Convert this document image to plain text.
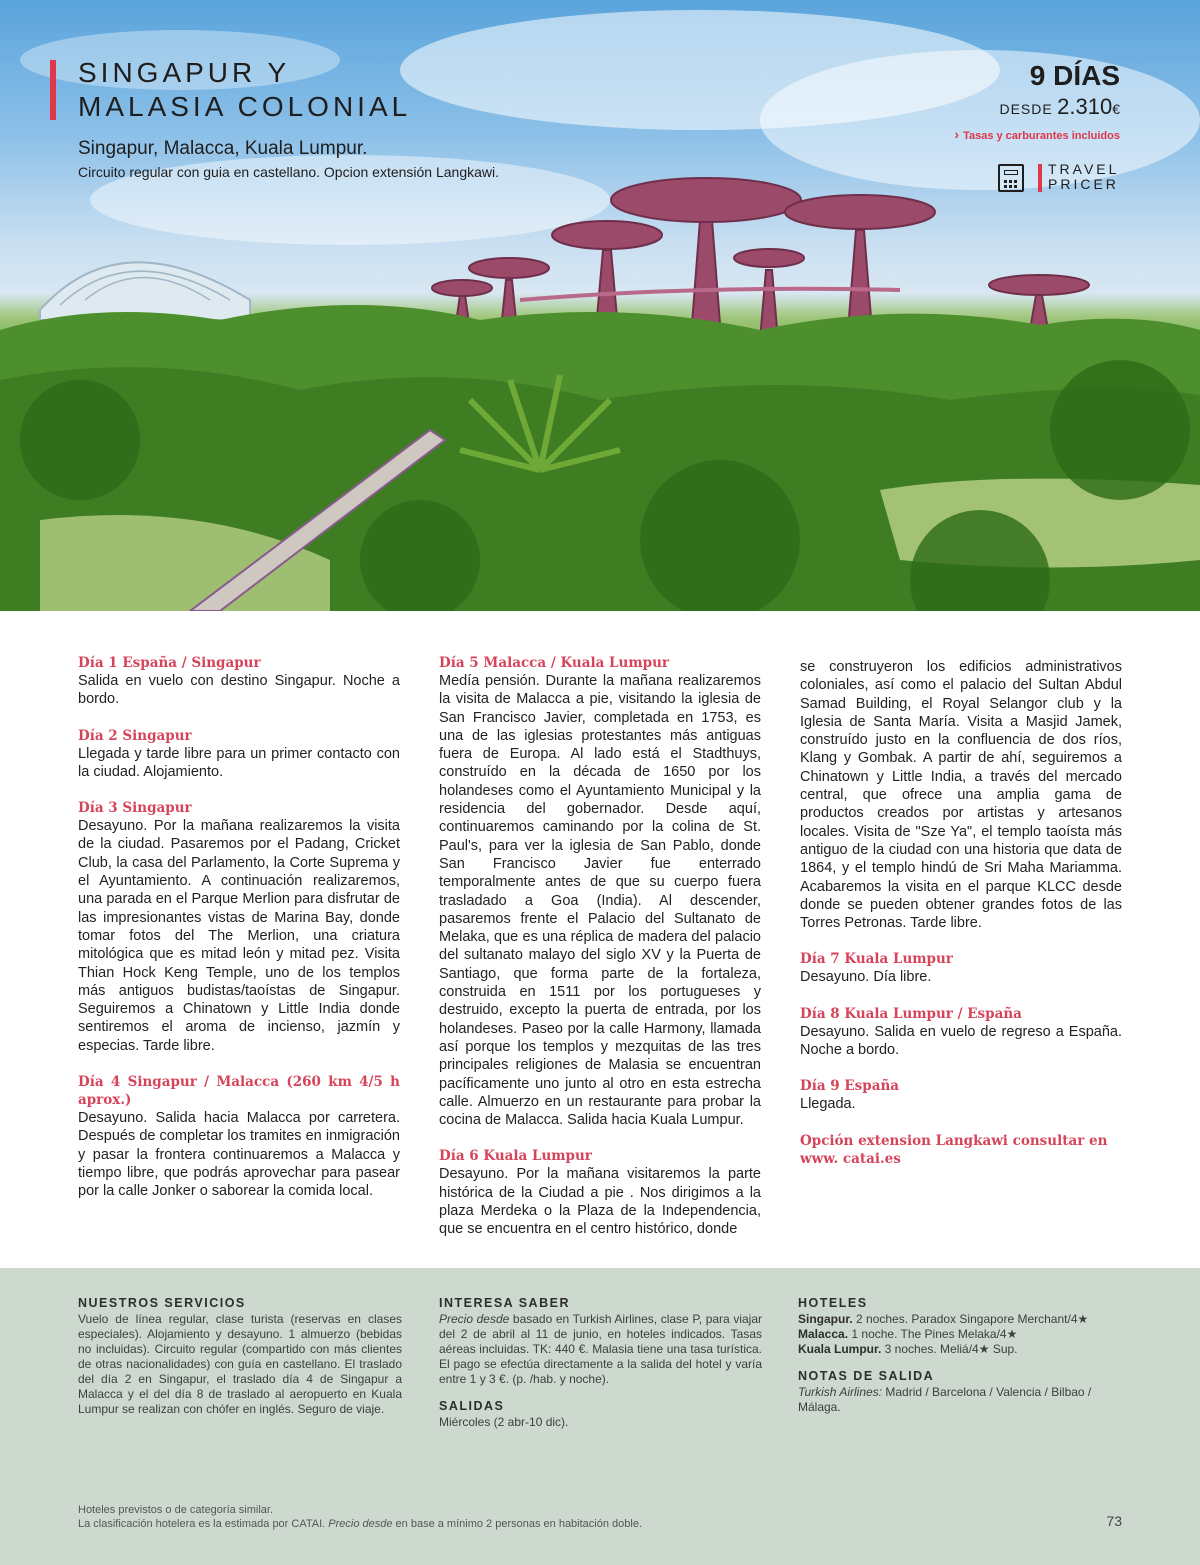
SINGAPUR Y
MALASIA COLONIAL
Singapur, Malacca, Kuala Lumpur.
Circuito regular con guia en castellano. Opcion extensión Langkawi.
9 DÍAS
DESDE 2.310€
› Tasas y carburantes incluidos
TRAVEL
PRICER
Día 1 España / Singapur

Salida en vuelo con destino Singapur. Noche a bordo.

Día 2 Singapur

Llegada y tarde libre para un primer contacto con la ciudad. Alojamiento.

Día 3 Singapur

Desayuno. Por la mañana realizaremos la visita de la ciudad. Pasaremos por el Padang, Cricket Club, la casa del Parlamento, la Corte Suprema y el Ayuntamiento. A continuación realizaremos, una parada en el Parque Merlion para disfrutar de las impresionantes vistas de Marina Bay, donde tomar fotos del The Merlion, una criatura mitológica que es mitad león y mitad pez. Visita Thian Hock Keng Temple, uno de los templos más antiguos budistas/taoístas de Singapur. Seguiremos a Chinatown y Little India donde sentiremos el aroma de incienso, jazmín y especias. Tarde libre.

Día 4 Singapur / Malacca (260 km 4/5 h aprox.)

Desayuno. Salida hacia Malacca por carretera. Después de completar los tramites en inmigración y pasar la frontera continuaremos a Malacca y tiempo libre, que podrás aprovechar para pasear por la calle Jonker o saborear la comida local.

Día 5 Malacca / Kuala Lumpur

Medía pensión. Durante la mañana realizaremos la visita de Malacca a pie, visitando la iglesia de San Francisco Javier, completada en 1753, es una de las iglesias protestantes más antiguas fuera de Europa. Al lado está el Stadthuys, construído en la década de 1650 por los holandeses como el Ayuntamiento Municipal y la residencia del gobernador. Desde aquí, continuaremos caminando por la colina de St. Paul's, para ver la iglesia de San Pablo, donde San Francisco Javier fue enterrado temporalmente antes de que su cuerpo fuera trasladado a Goa (India). Al descender, pasaremos frente el Palacio del Sultanato de Melaka, que es una réplica de madera del palacio del sultanato malayo del siglo XV y la Puerta de Santiago, que forma parte de la fortaleza, construida en 1511 por los portugueses y destruido, excepto la puerta de entrada, por los holandeses. Paseo por la calle Harmony, llamada así porque los templos y mezquitas de las tres principales religiones de Malasia se encuentran pacíficamente uno junto al otro en esta estrecha calle. Almuerzo en un restaurante para probar la cocina de Malacca. Salida hacia Kuala Lumpur.

Día 6 Kuala Lumpur

Desayuno. Por la mañana visitaremos la parte histórica de la Ciudad a pie . Nos dirigimos a la plaza Merdeka o la Plaza de la Independencia, que se encuentra en el centro histórico, donde

se construyeron los edificios administrativos coloniales, así como el palacio del Sultan Abdul Samad Building, el Royal Selangor club y la Iglesia de Santa María. Visita a Masjid Jamek, construído justo en la confluencia de dos ríos, Klang y Gombak. A partir de ahí, seguiremos a Chinatown y Little India, a través del mercado central, que ofrece una amplia gama de productos creados por artistas y artesanos locales. Visita de "Sze Ya", el templo taoísta más antiguo de la ciudad con una historia que data de 1864, y el templo hindú de Sri Maha Mariamma. Acabaremos la visita en el parque KLCC desde donde se pueden obtener grandes fotos de las Torres Petronas. Tarde libre.

Día 7 Kuala Lumpur

Desayuno. Día libre.

Día 8 Kuala Lumpur / España

Desayuno. Salida en vuelo de regreso a España. Noche a bordo.

Día 9 España

Llegada.

Opción extension Langkawi consultar en www. catai.es
NUESTROS SERVICIOS
Vuelo de línea regular, clase turista (reservas en clases especiales). Alojamiento y desayuno. 1 almuerzo (bebidas no incluidas). Circuito regular (compartido con más clientes de otras nacionalidades) con guía en castellano. El traslado del día 2 en Singapur, el traslado día 4 de Singapur a Malacca y el del día 8 de traslado al aeropuerto en Kuala Lumpur se realizan con chófer en inglés. Seguro de viaje.
INTERESA SABER
Precio desde basado en Turkish Airlines, clase P, para viajar del 2 de abril al 11 de junio, en hoteles indicados. Tasas aéreas incluidas. TK: 440 €. Malasia tiene una tasa turística. El pago se efectúa directamente a la salida del hotel y varía entre 1 y 3 €. (p. /hab. y noche).
SALIDAS
Miércoles (2 abr-10 dic).
HOTELES
Singapur. 2 noches. Paradox Singapore Merchant/4★
Malacca. 1 noche. The Pines Melaka/4★
Kuala Lumpur. 3 noches. Meliá/4★ Sup.
NOTAS DE SALIDA
Turkish Airlines: Madrid / Barcelona / Valencia / Bilbao / Málaga.
Hoteles previstos o de categoría similar.
La clasificación hotelera es la estimada por CATAI. Precio desde en base a mínimo 2 personas en habitación doble.	73
